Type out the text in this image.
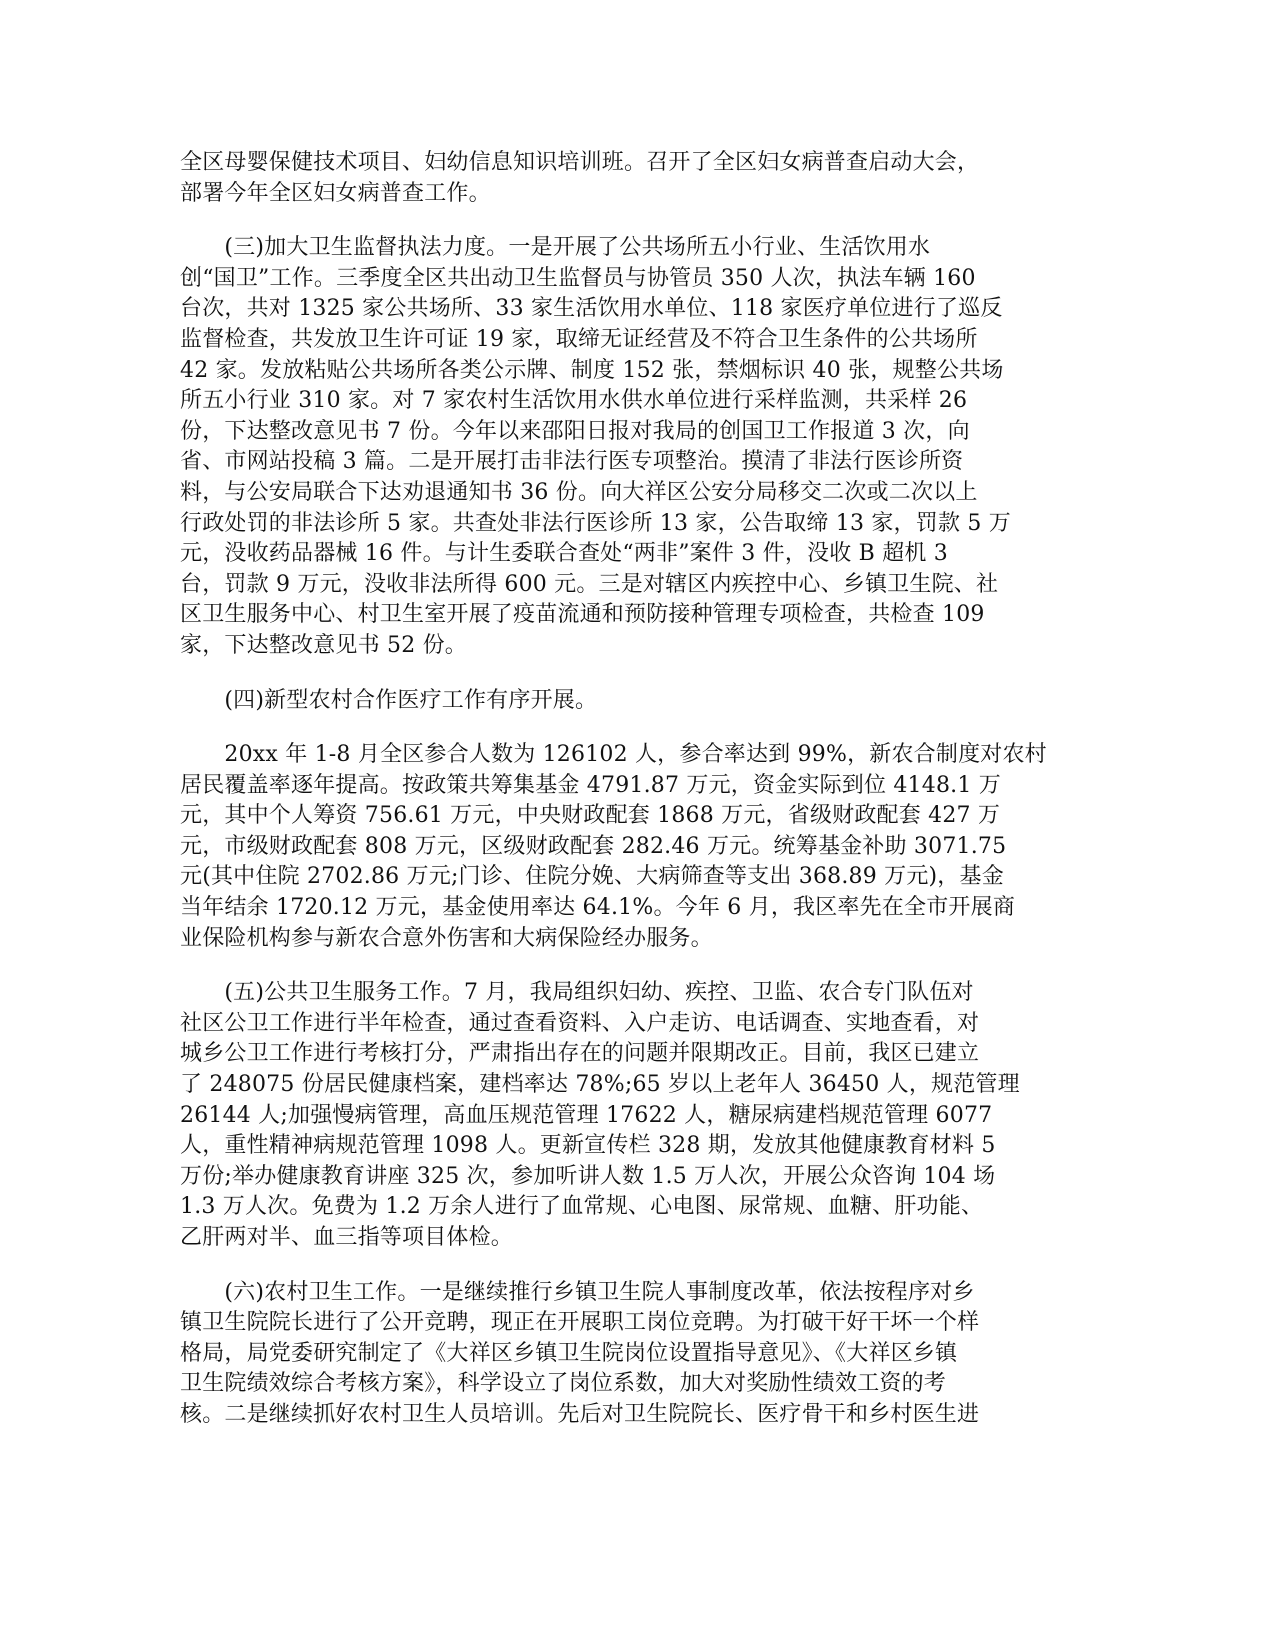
全区母婴保健技术项目、妇幼信息知识培训班。召开了全区妇女病普查启动大会，
部署今年全区妇女病普查工作。
　　(三)加大卫生监督执法力度。一是开展了公共场所五小行业、生活饮用水
创“国卫”工作。三季度全区共出动卫生监督员与协管员 350 人次，执法车辆 160
台次，共对 1325 家公共场所、33 家生活饮用水单位、118 家医疗单位进行了巡反
监督检查，共发放卫生许可证 19 家，取缔无证经营及不符合卫生条件的公共场所
42 家。发放粘贴公共场所各类公示牌、制度 152 张，禁烟标识 40 张，规整公共场
所五小行业 310 家。对 7 家农村生活饮用水供水单位进行采样监测，共采样 26
份，下达整改意见书 7 份。今年以来邵阳日报对我局的创国卫工作报道 3 次，向
省、市网站投稿 3 篇。二是开展打击非法行医专项整治。摸清了非法行医诊所资
料，与公安局联合下达劝退通知书 36 份。向大祥区公安分局移交二次或二次以上
行政处罚的非法诊所 5 家。共查处非法行医诊所 13 家，公告取缔 13 家，罚款 5 万
元，没收药品器械 16 件。与计生委联合查处“两非”案件 3 件，没收 B 超机 3
台，罚款 9 万元，没收非法所得 600 元。三是对辖区内疾控中心、乡镇卫生院、社
区卫生服务中心、村卫生室开展了疫苗流通和预防接种管理专项检查，共检查 109
家，下达整改意见书 52 份。
　　(四)新型农村合作医疗工作有序开展。
　　20xx 年 1-8 月全区参合人数为 126102 人，参合率达到 99%，新农合制度对农村
居民覆盖率逐年提高。按政策共筹集基金 4791.87 万元，资金实际到位 4148.1 万
元，其中个人筹资 756.61 万元，中央财政配套 1868 万元，省级财政配套 427 万
元，市级财政配套 808 万元，区级财政配套 282.46 万元。统筹基金补助 3071.75
元(其中住院 2702.86 万元;门诊、住院分娩、大病筛查等支出 368.89 万元)，基金
当年结余 1720.12 万元，基金使用率达 64.1%。今年 6 月，我区率先在全市开展商
业保险机构参与新农合意外伤害和大病保险经办服务。
　　(五)公共卫生服务工作。7 月，我局组织妇幼、疾控、卫监、农合专门队伍对
社区公卫工作进行半年检查，通过查看资料、入户走访、电话调查、实地查看，对
城乡公卫工作进行考核打分，严肃指出存在的问题并限期改正。目前，我区已建立
了 248075 份居民健康档案，建档率达 78%;65 岁以上老年人 36450 人，规范管理
26144 人;加强慢病管理，高血压规范管理 17622 人，糖尿病建档规范管理 6077
人，重性精神病规范管理 1098 人。更新宣传栏 328 期，发放其他健康教育材料 5
万份;举办健康教育讲座 325 次，参加听讲人数 1.5 万人次，开展公众咨询 104 场
1.3 万人次。免费为 1.2 万余人进行了血常规、心电图、尿常规、血糖、肝功能、
乙肝两对半、血三指等项目体检。
　　(六)农村卫生工作。一是继续推行乡镇卫生院人事制度改革，依法按程序对乡
镇卫生院院长进行了公开竞聘，现正在开展职工岗位竞聘。为打破干好干坏一个样
格局，局党委研究制定了《大祥区乡镇卫生院岗位设置指导意见》、《大祥区乡镇
卫生院绩效综合考核方案》，科学设立了岗位系数，加大对奖励性绩效工资的考
核。二是继续抓好农村卫生人员培训。先后对卫生院院长、医疗骨干和乡村医生进
